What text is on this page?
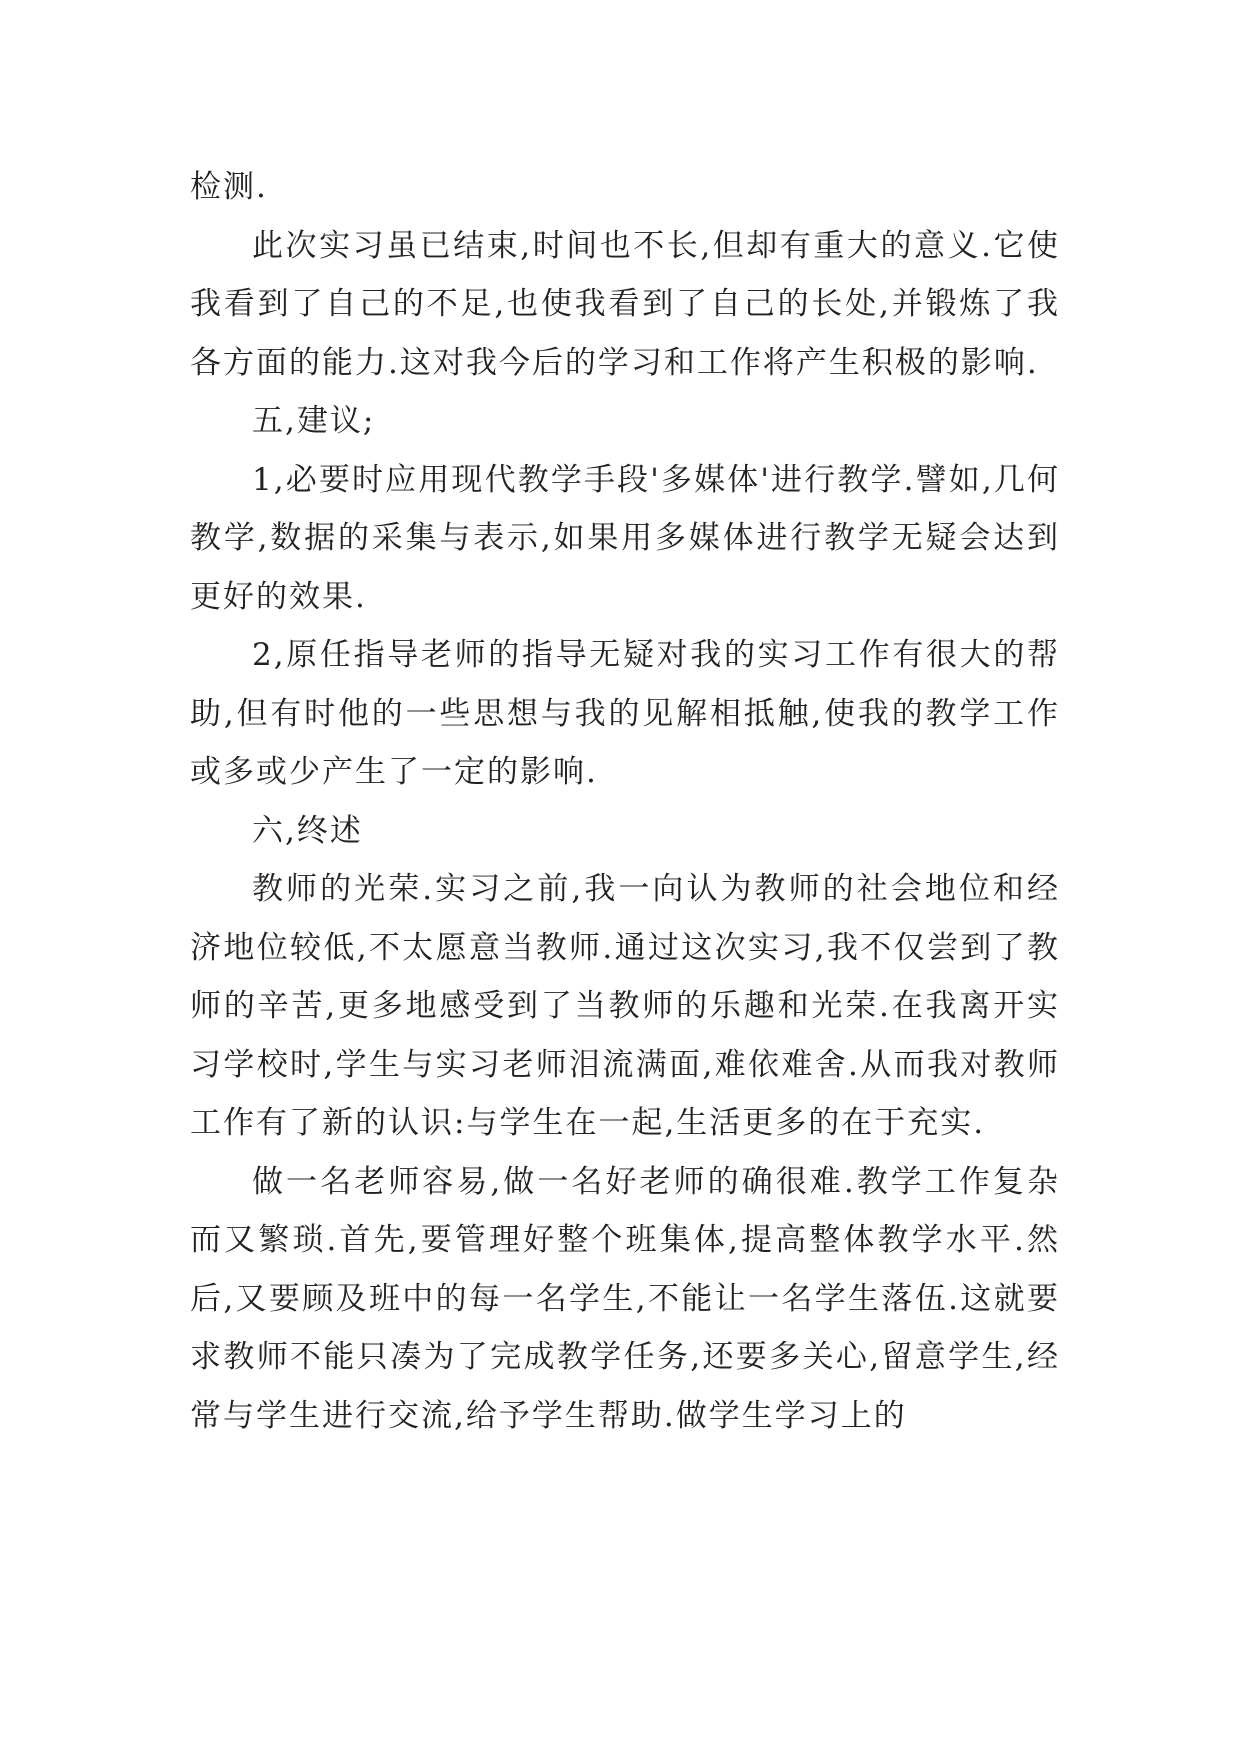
检测.

此次实习虽已结束,时间也不长,但却有重大的意义.它使我看到了自己的不足,也使我看到了自己的长处,并锻炼了我各方面的能力.这对我今后的学习和工作将产生积极的影响.

五,建议;

1,必要时应用现代教学手段'多媒体'进行教学.譬如,几何教学,数据的采集与表示,如果用多媒体进行教学无疑会达到更好的效果.

2,原任指导老师的指导无疑对我的实习工作有很大的帮助,但有时他的一些思想与我的见解相抵触,使我的教学工作或多或少产生了一定的影响.

六,终述

教师的光荣.实习之前,我一向认为教师的社会地位和经济地位较低,不太愿意当教师.通过这次实习,我不仅尝到了教师的辛苦,更多地感受到了当教师的乐趣和光荣.在我离开实习学校时,学生与实习老师泪流满面,难依难舍.从而我对教师工作有了新的认识:与学生在一起,生活更多的在于充实.

做一名老师容易,做一名好老师的确很难.教学工作复杂而又繁琐.首先,要管理好整个班集体,提高整体教学水平.然后,又要顾及班中的每一名学生,不能让一名学生落伍.这就要求教师不能只凑为了完成教学任务,还要多关心,留意学生,经常与学生进行交流,给予学生帮助.做学生学习上的
